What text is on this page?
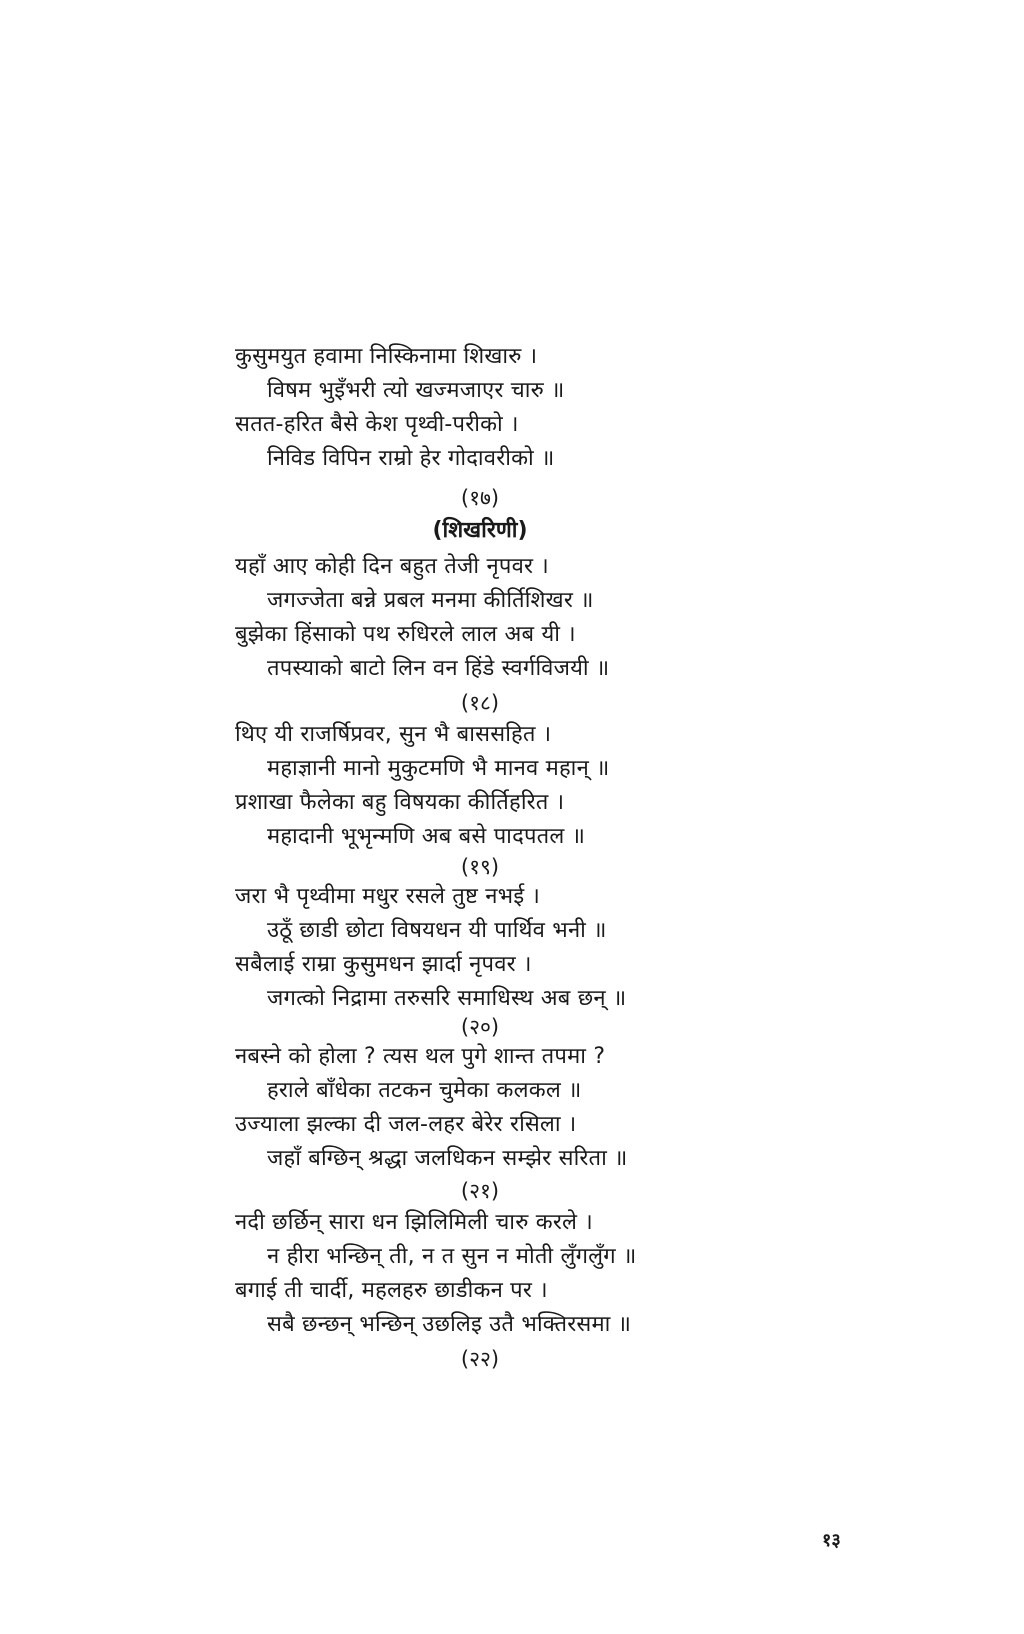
कुसुमयुत हवामा निस्किनामा शिखारु ।
विषम भुइँभरी त्यो खज्मजाएर चारु ॥
सतत-हरित बैसे केश पृथ्वी-परीको ।
निविड विपिन राम्रो हेर गोदावरीको ॥
(१७)
(शिखरिणी)
यहाँ आए कोही दिन बहुत तेजी नृपवर ।
जगज्जेता बन्ने प्रबल मनमा कीर्तिशिखर ॥
बुझेका हिंसाको पथ रुधिरले लाल अब यी ।
तपस्याको बाटो लिन वन हिंडे स्वर्गविजयी ॥
(१८)
थिए यी राजर्षिप्रवर, सुन भै बाससहित ।
महाज्ञानी मानो मुकुटमणि भै मानव महान् ॥
प्रशाखा फैलेका बहु विषयका कीर्तिहरित ।
महादानी भूभृन्मणि अब बसे पादपतल ॥
(१९)
जरा भै पृथ्वीमा मधुर रसले तुष्ट नभई ।
उठूँ छाडी छोटा विषयधन यी पार्थिव भनी ॥
सबैलाई राम्रा कुसुमधन झार्दा नृपवर ।
जगत्को निद्रामा तरुसरि समाधिस्थ अब छन् ॥
(२०)
नबस्ने को होला ? त्यस थल पुगे शान्त तपमा ?
हराले बाँधेका तटकन चुमेका कलकल ॥
उज्याला झल्का दी जल-लहर बेरेर रसिला ।
जहाँ बग्छिन् श्रद्धा जलधिकन सम्झेर सरिता ॥
(२१)
नदी छर्छिन् सारा धन झिलिमिली चारु करले ।
न हीरा भन्छिन् ती, न त सुन न मोती लुँगलुँग ॥
बगाई ती चार्दी, महलहरु छाडीकन पर ।
सबै छन्छन् भन्छिन् उछलिइ उतै भक्तिरसमा ॥
(२२)
१३
